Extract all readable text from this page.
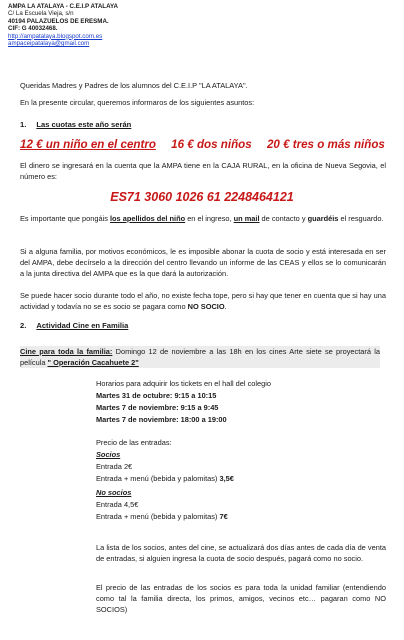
AMPA LA ATALAYA - C.E.I.P ATALAYA
C/ La Escuela Vieja, s/n
40194 PALAZUELOS DE ERESMA.
CIF: G 40032468.
http://ampatalaya.blogspot.com.es
ampaceipatalaya@gmail.com
Queridas Madres y Padres de los alumnos del C.E.I.P "LA ATALAYA".
En la presente circular, queremos informaros de los siguientes asuntos:
1. Las cuotas este año serán
12 € un niño en el centro 16 € dos niños 20 € tres o más niños
El dinero se ingresará en la cuenta que la AMPA tiene en la CAJA RURAL, en la oficina de Nueva Segovia, el número es:
ES71 3060 1026 61 2248464121
Es importante que pongáis los apellidos del niño en el ingreso, un mail de contacto y guardéis el resguardo.
Si a alguna familia, por motivos económicos, le es imposible abonar la cuota de socio y está interesada en ser del AMPA, debe decírselo a la dirección del centro llevando un informe de las CEAS y ellos se lo comunicarán a la junta directiva del AMPA que es la que dará la autorización.
Se puede hacer socio durante todo el año, no existe fecha tope, pero si hay que tener en cuenta que si hay una actividad y todavía no se es socio se pagara como NO SOCIO.
2. Actividad Cine en Familia
Cine para toda la familia: Domingo 12 de noviembre a las 18h en los cines Arte siete se proyectará la película " Operación Cacahuete 2"
Horarios para adquirir los tickets en el hall del colegio
Martes 31 de octubre: 9:15 a 10:15
Martes 7 de noviembre: 9:15 a 9:45
Martes 7 de noviembre: 18:00 a 19:00
Precio de las entradas:
Socios
Entrada 2€
Entrada + menú (bebida y palomitas) 3,5€
No socios
Entrada 4,5€
Entrada + menú (bebida y palomitas) 7€
La lista de los socios, antes del cine, se actualizará dos días antes de cada día de venta de entradas, si alguien ingresa la cuota de socio después, pagará como no socio.
El precio de las entradas de los socios es para toda la unidad familiar (entendiendo como tal la familia directa, los primos, amigos, vecinos etc… pagaran como NO SOCIOS)
